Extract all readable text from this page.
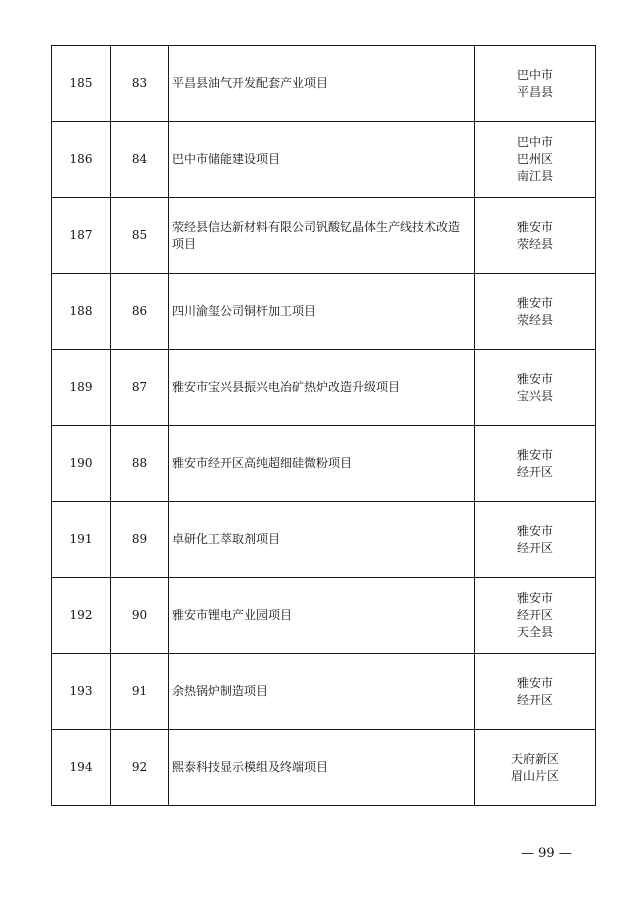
185	83	平昌县油气开发配套产业项目	巴中市
平昌县

186	84	巴中市储能建设项目	巴中市
巴州区
南江县

187	85	荥经县信达新材料有限公司钒酸钇晶体生产线技术改造项目	雅安市
荥经县

188	86	四川渝玺公司铜杆加工项目	雅安市
荥经县

189	87	雅安市宝兴县振兴电冶矿热炉改造升级项目	雅安市
宝兴县

190	88	雅安市经开区高纯超细硅微粉项目	雅安市
经开区

191	89	卓研化工萃取剂项目	雅安市
经开区

192	90	雅安市锂电产业园项目	雅安市
经开区
天全县

193	91	余热锅炉制造项目	雅安市
经开区

194	92	熙泰科技显示模组及终端项目	天府新区
眉山片区
— 99 —
